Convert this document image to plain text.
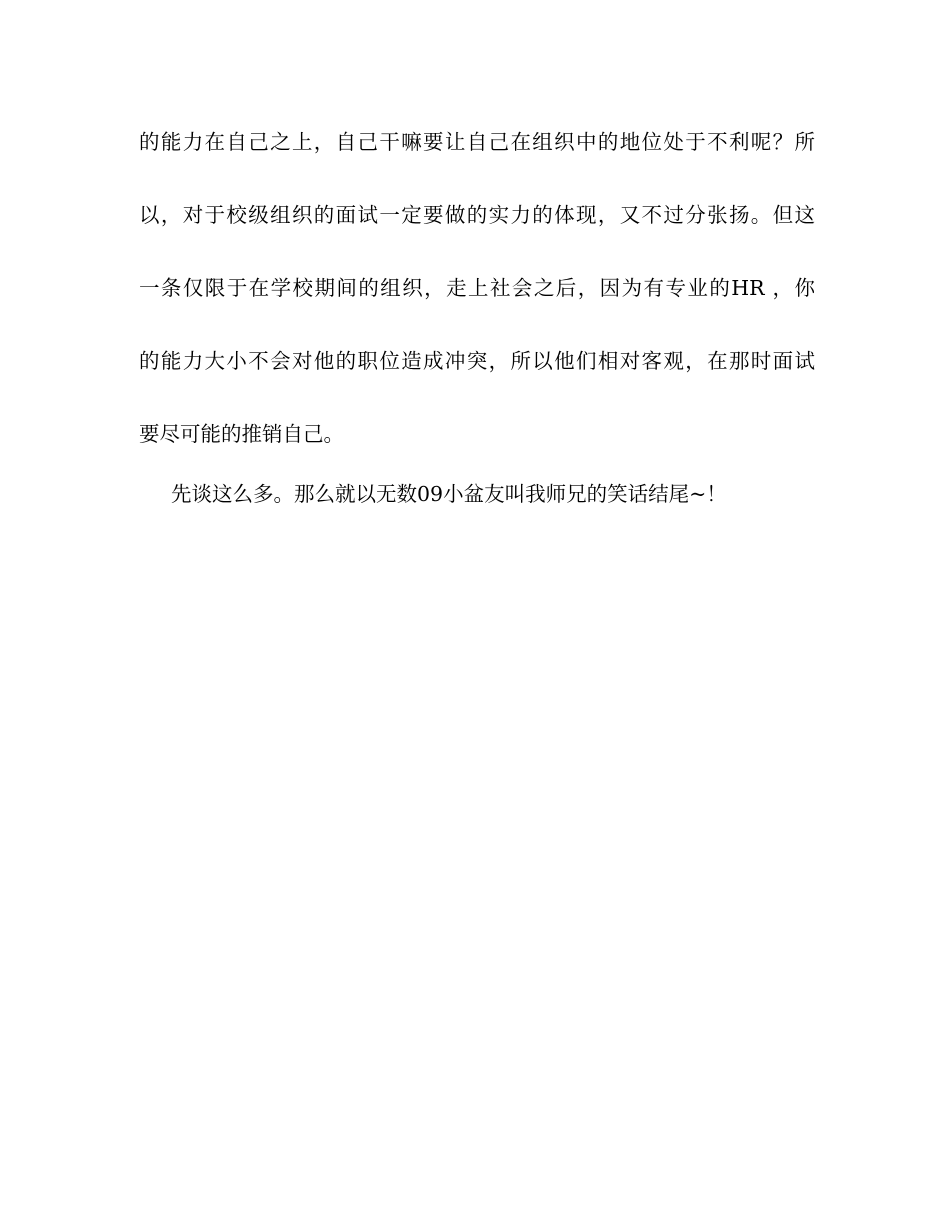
的能力在自己之上，自己干嘛要让自己在组织中的地位处于不利呢？所
以，对于校级组织的面试一定要做的实力的体现，又不过分张扬。但这
一条仅限于在学校期间的组织，走上社会之后，因为有专业的HR ，你
的能力大小不会对他的职位造成冲突，所以他们相对客观，在那时面试
要尽可能的推销自己。
先谈这么多。那么就以无数09小盆友叫我师兄的笑话结尾~！
